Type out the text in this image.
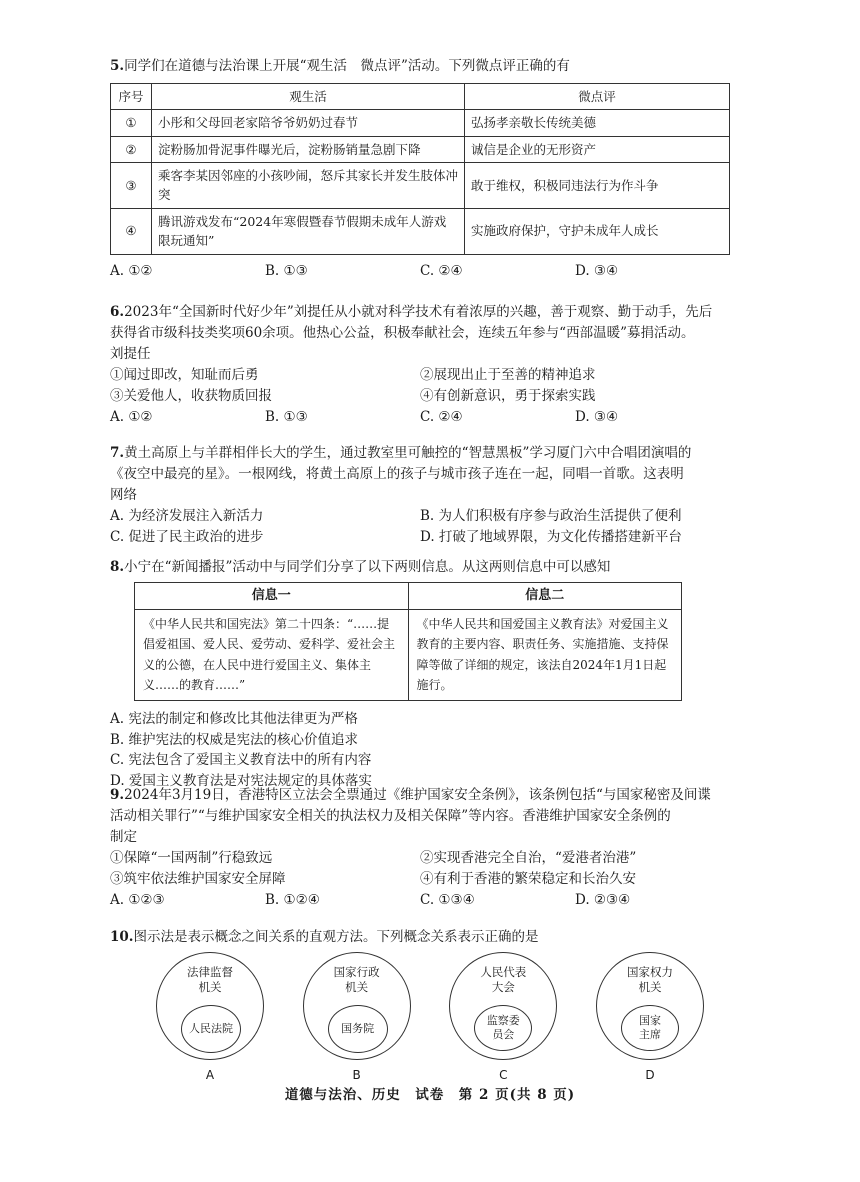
5.同学们在道德与法治课上开展“观生活　微点评”活动。下列微点评正确的有
序号	观生活	微点评
①	小彤和父母回老家陪爷爷奶奶过春节	弘扬孝亲敬长传统美德
②	淀粉肠加骨泥事件曝光后，淀粉肠销量急剧下降	诚信是企业的无形资产
③	乘客李某因邻座的小孩吵闹，怒斥其家长并发生肢体冲突	敢于维权，积极同违法行为作斗争
④	腾讯游戏发布“2024年寒假暨春节假期未成年人游戏限玩通知”	实施政府保护，守护未成年人成长
A. ①②	B. ①③	C. ②④	D. ③④
6.2023年“全国新时代好少年”刘提任从小就对科学技术有着浓厚的兴趣，善于观察、勤于动手，先后
获得省市级科技类奖项60余项。他热心公益，积极奉献社会，连续五年参与“西部温暖”募捐活动。
刘提任
①闻过即改，知耻而后勇	②展现出止于至善的精神追求
③关爱他人，收获物质回报	④有创新意识，勇于探索实践
A. ①②	B. ①③	C. ②④	D. ③④
7.黄土高原上与羊群相伴长大的学生，通过教室里可触控的“智慧黑板”学习厦门六中合唱团演唱的
《夜空中最亮的星》。一根网线，将黄土高原上的孩子与城市孩子连在一起，同唱一首歌。这表明
网络
A. 为经济发展注入新活力	B. 为人们积极有序参与政治生活提供了便利
C. 促进了民主政治的进步	D. 打破了地域界限，为文化传播搭建新平台
8.小宁在“新闻播报”活动中与同学们分享了以下两则信息。从这两则信息中可以感知
信息一	信息二
《中华人民共和国宪法》第二十四条：“……提倡爱祖国、爱人民、爱劳动、爱科学、爱社会主义的公德，在人民中进行爱国主义、集体主义……的教育……”	《中华人民共和国爱国主义教育法》对爱国主义教育的主要内容、职责任务、实施措施、支持保障等做了详细的规定，该法自2024年1月1日起施行。
A. 宪法的制定和修改比其他法律更为严格
B. 维护宪法的权威是宪法的核心价值追求
C. 宪法包含了爱国主义教育法中的所有内容
D. 爱国主义教育法是对宪法规定的具体落实
9.2024年3月19日，香港特区立法会全票通过《维护国家安全条例》，该条例包括“与国家秘密及间谍
活动相关罪行”“与维护国家安全相关的执法权力及相关保障”等内容。香港维护国家安全条例的
制定
①保障“一国两制”行稳致远	②实现香港完全自治，“爱港者治港”
③筑牢依法维护国家安全屏障	④有利于香港的繁荣稳定和长治久安
A. ①②③	B. ①②④	C. ①③④	D. ②③④
10.图示法是表示概念之间关系的直观方法。下列概念关系表示正确的是
法律监督机关
人民法院
A
国家行政机关
国务院
B
人民代表大会
监察委员会
C
国家权力机关
国家主席
D
道德与法治、历史　试卷　第 2 页(共 8 页)
